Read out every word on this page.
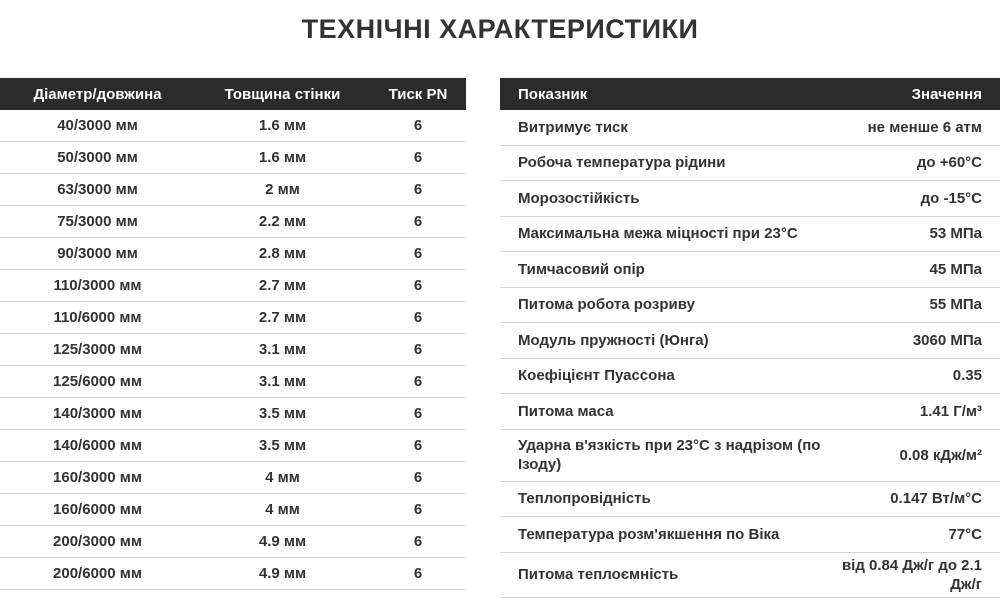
ТЕХНІЧНІ ХАРАКТЕРИСТИКИ
Діаметр/довжина	Товщина стінки	Тиск PN
40/3000 мм	1.6 мм	6
50/3000 мм	1.6 мм	6
63/3000 мм	2 мм	6
75/3000 мм	2.2 мм	6
90/3000 мм	2.8 мм	6
110/3000 мм	2.7 мм	6
110/6000 мм	2.7 мм	6
125/3000 мм	3.1 мм	6
125/6000 мм	3.1 мм	6
140/3000 мм	3.5 мм	6
140/6000 мм	3.5 мм	6
160/3000 мм	4 мм	6
160/6000 мм	4 мм	6
200/3000 мм	4.9 мм	6
200/6000 мм	4.9 мм	6
Показник	Значення
Витримує тиск	не менше 6 атм
Робоча температура рідини	до +60°С
Морозостійкість	до -15°С
Максимальна межа міцності при 23°С	53 МПа
Тимчасовий опір	45 МПа
Питома робота розриву	55 МПа
Модуль пружності (Юнга)	3060 МПа
Коефіцієнт Пуассона	0.35
Питома маса	1.41 Г/м³
Ударна в'язкість при 23°С з надрізом (по Ізоду)	0.08 кДж/м²
Теплопровідність	0.147 Вт/м°С
Температура розм'якшення по Віка	77°С
Питома теплоємність	від 0.84 Дж/г до 2.1 Дж/г
